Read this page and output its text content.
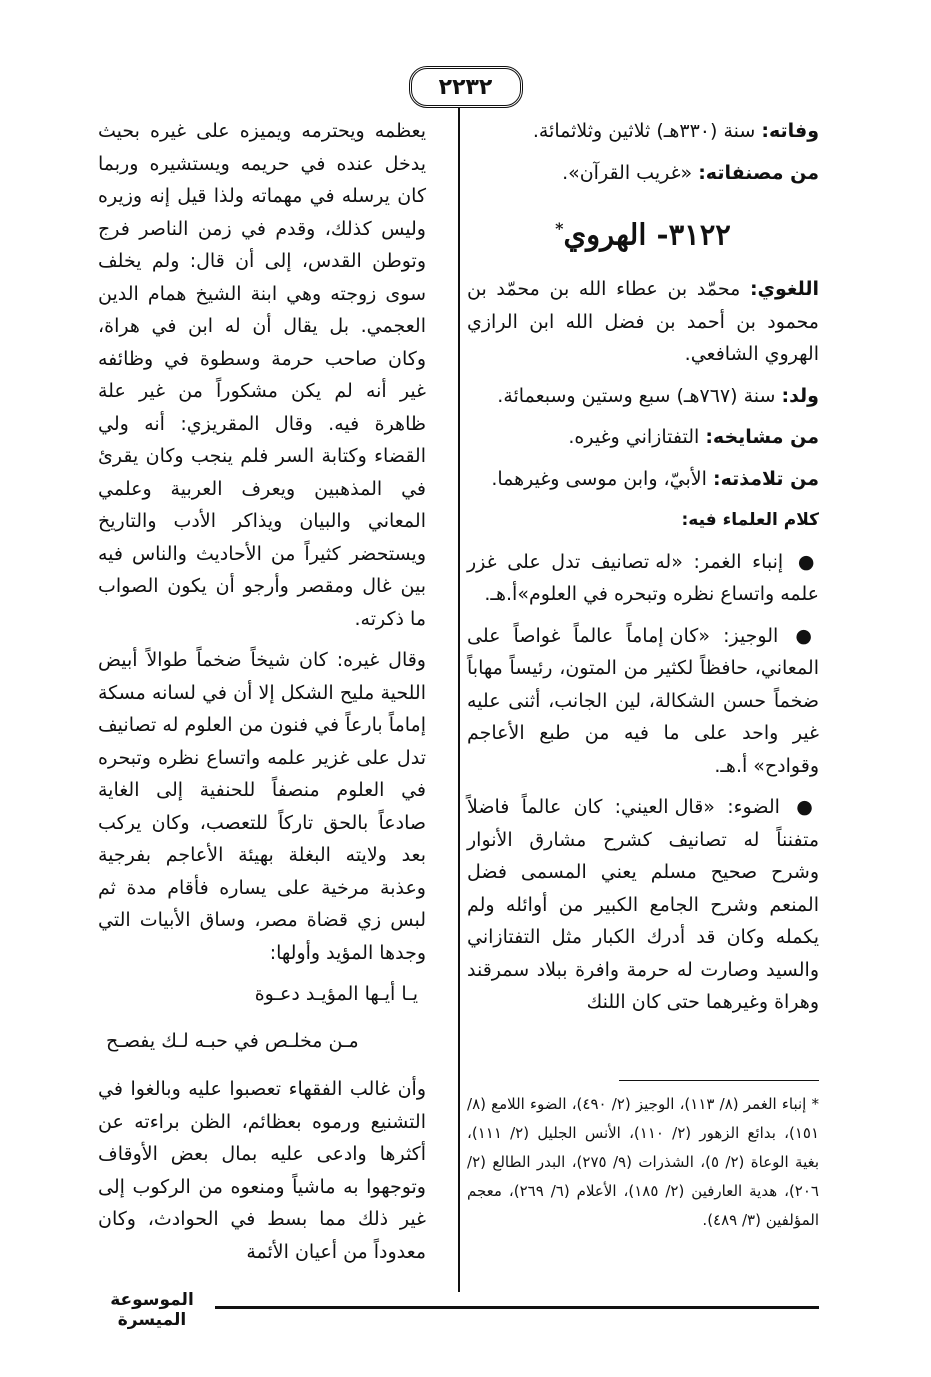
٢٢٣٢

وفاته: سنة (٣٣٠هـ) ثلاثين وثلاثمائة.

من مصنفاته: «غريب القرآن».

٣١٢٢- الهروي*

اللغوي: محمّد بن عطاء الله بن محمّد بن محمود بن أحمد بن فضل الله ابن الرازي الهروي الشافعي.

ولد: سنة (٧٦٧هـ) سبع وستين وسبعمائة.

من مشايخه: التفتازاني وغيره.

من تلامذته: الأبيّ، وابن موسى وغيرهما.

كلام العلماء فيه:

● إنباء الغمر: «له تصانيف تدل على غزر علمه واتساع نظره وتبحره في العلوم»أ.هـ.

● الوجيز: «كان إماماً عالماً غواصاً على المعاني، حافظاً لكثير من المتون، رئيساً مهاباً ضخماً حسن الشكالة، لين الجانب، أثنى عليه غير واحد على ما فيه من طبع الأعاجم وقوادح» أ.هـ.

● الضوء: «قال العيني: كان عالماً فاضلاً متفنناً له تصانيف كشرح مشارق الأنوار وشرح صحيح مسلم يعني المسمى فضل المنعم وشرح الجامع الكبير من أوائله ولم يكمله وكان قد أدرك الكبار مثل التفتازاني والسيد وصارت له حرمة وافرة ببلاد سمرقند وهراة وغيرهما حتى كان اللنك

يعظمه ويحترمه ويميزه على غيره بحيث يدخل عنده في حريمه ويستشيره وربما كان يرسله في مهماته ولذا قيل إنه وزيره وليس كذلك، وقدم في زمن الناصر فرج وتوطن القدس، إلى أن قال: ولم يخلف سوى زوجته وهي ابنة الشيخ همام الدين العجمي. بل يقال أن له ابن في هراة، وكان صاحب حرمة وسطوة في وظائفه غير أنه لم يكن مشكوراً من غير علة ظاهرة فيه. وقال المقريزي: أنه ولي القضاء وكتابة السر فلم ينجب وكان يقرئ في المذهبين ويعرف العربية وعلمي المعاني والبيان ويذاكر الأدب والتاريخ ويستحضر كثيراً من الأحاديث والناس فيه بين غال ومقصر وأرجو أن يكون الصواب ما ذكرته.

وقال غيره: كان شيخاً ضخماً طوالاً أبيض اللحية مليح الشكل إلا أن في لسانه مسكة إماماً بارعاً في فنون من العلوم له تصانيف تدل على غزير علمه واتساع نظره وتبحره في العلوم منصفاً للحنفية إلى الغاية صادعاً بالحق تاركاً للتعصب، وكان يركب بعد ولايته البغلة بهيئة الأعاجم بفرجية وعذبة مرخية على يساره فأقام مدة ثم لبس زي قضاة مصر، وساق الأبيات التي وجدها المؤيد وأولها:

يـا أيـها المؤيـد دعـوة
مـن مخلـص في حبـه لـك يفصـح

وأن غالب الفقهاء تعصبوا عليه وبالغوا في التشنيع ورموه بعظائم، الظن براءته عن أكثرها وادعى عليه بمال بعض الأوقاف وتوجهوا به ماشياً ومنعوه من الركوب إلى غير ذلك مما بسط في الحوادث، وكان معدوداً من أعيان الأئمة

* إنباء الغمر (٨/ ١١٣)، الوجيز (٢/ ٤٩٠)، الضوء اللامع (٨/ ١٥١)، بدائع الزهور (٢/ ١١٠)، الأنس الجليل (٢/ ١١١)، بغية الوعاة (٢/ ٥)، الشذرات (٩/ ٢٧٥)، البدر الطالع (٢/ ٢٠٦)، هدية العارفين (٢/ ١٨٥)، الأعلام (٦/ ٢٦٩)، معجم المؤلفين (٣/ ٤٨٩).
الموسوعة الميسرة
